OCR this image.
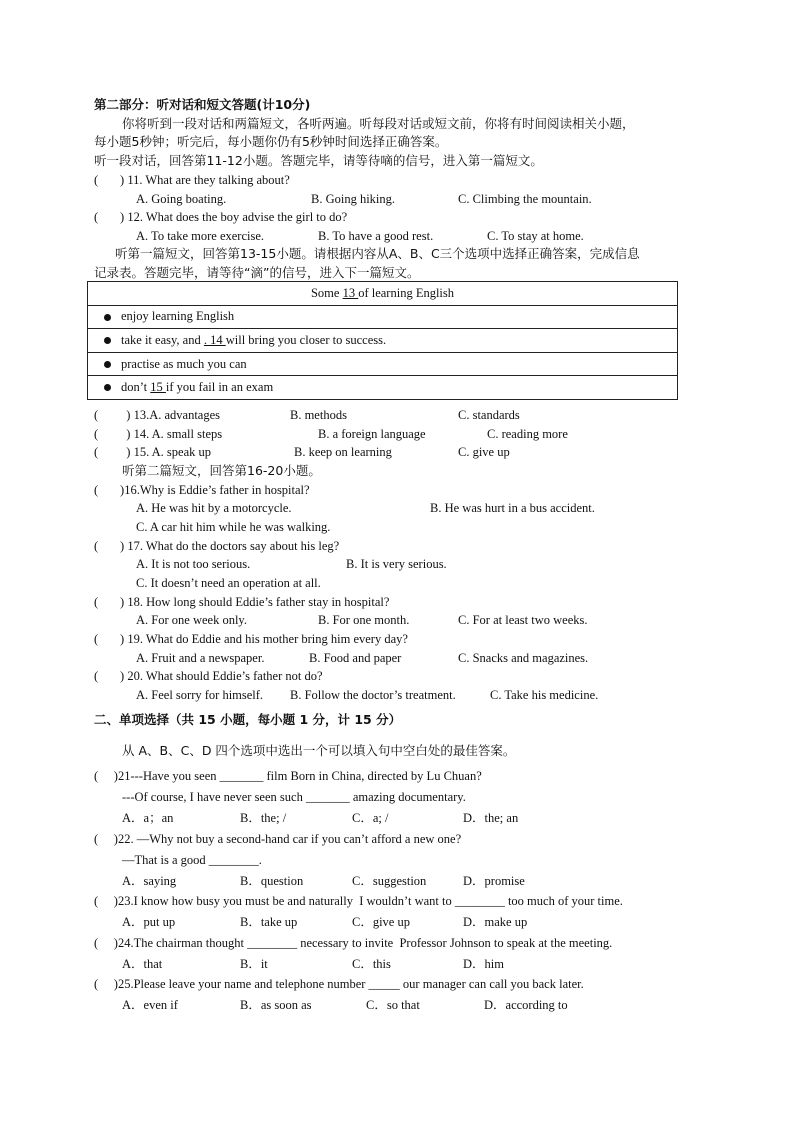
第二部分：听对话和短文答题(计10分)
你将听到一段对话和两篇短文，各听两遍。听每段对话或短文前，你将有时间阅读相关小题，
每小题5秒钟；听完后，每小题你仍有5秒钟时间选择正确答案。
听一段对话，回答第11-12小题。答题完毕，请等待嘀的信号，进入第一篇短文。
(       ) 11. What are they talking about?
A. Going boating.	B. Going hiking.	C. Climbing the mountain.
(       ) 12. What does the boy advise the girl to do?
A. To take more exercise.	B. To have a good rest.	C. To stay at home.
听第一篇短文，回答第13-15小题。请根据内容从A、B、C三个选项中选择正确答案，完成信息
记录表。答题完毕，请等待“滴”的信号，进入下一篇短文。
Some 13 of learning English
enjoy learning English
take it easy, and . 14 will bring you closer to success.
practise as much you can
don’t 15 if you fail in an exam
(         ) 13.A. advantages	B. methods	C. standards
(         ) 14. A. small steps	B. a foreign language	C. reading more
(         ) 15. A. speak up	B. keep on learning	C. give up
听第二篇短文，回答第16-20小题。
(       )16.Why is Eddie’s father in hospital?
A. He was hit by a motorcycle.	B. He was hurt in a bus accident.
C. A car hit him while he was walking.
(       ) 17. What do the doctors say about his leg?
A. It is not too serious.	B. It is very serious.
C. It doesn’t need an operation at all.
(       ) 18. How long should Eddie’s father stay in hospital?
A. For one week only.	B. For one month.	C. For at least two weeks.
(       ) 19. What do Eddie and his mother bring him every day?
A. Fruit and a newspaper.	B. Food and paper	C. Snacks and magazines.
(       ) 20. What should Eddie’s father not do?
A. Feel sorry for himself. B. Follow the doctor’s treatment.	C. Take his medicine.
二、单项选择（共 15 小题，每小题 1 分，计 15 分）
从 A、B、C、D 四个选项中选出一个可以填入句中空白处的最佳答案。
(     )21---Have you seen _______ film Born in China, directed by Lu Chuan?
---Of course, I have never seen such _______ amazing documentary.
A．a；an	B．the; /	C．a; /	D．the; an
(     )22. —Why not buy a second-hand car if you can’t afford a new one?
—That is a good ________.
A．saying	B．question	C．suggestion	D．promise
(     )23.I know how busy you must be and naturally  I wouldn’t want to ________ too much of your time.
A．put up	B．take up	C．give up	D．make up
(     )24.The chairman thought ________ necessary to invite  Professor Johnson to speak at the meeting.
A．that	B．it	C．this	D．him
(     )25.Please leave your name and telephone number _____ our manager can call you back later.
A．even if	B．as soon as	C．so that	D．according to
